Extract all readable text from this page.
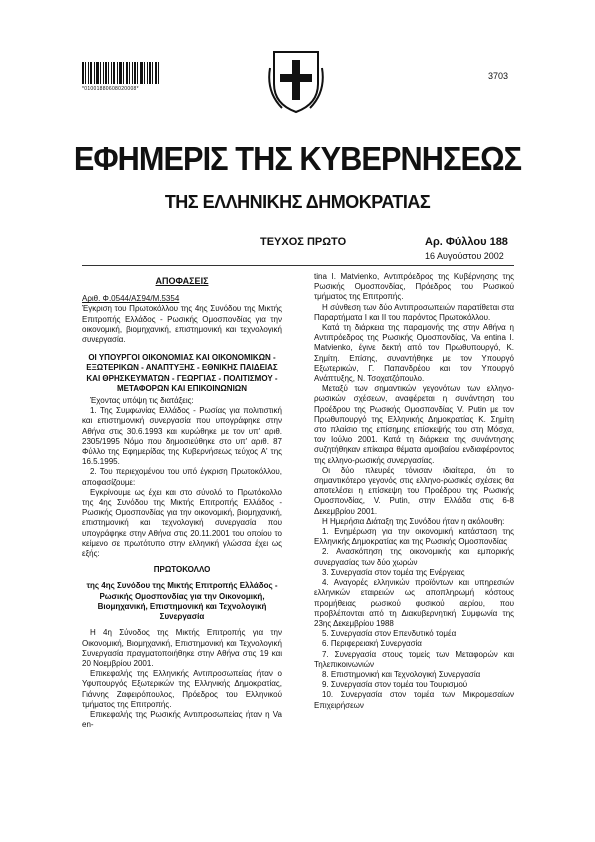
*01001880608020008*
3703
ΕΦΗΜΕΡΙΣ ΤΗΣ ΚΥΒΕΡΝΗΣΕΩΣ
ΤΗΣ ΕΛΛΗΝΙΚΗΣ ΔΗΜΟΚΡΑΤΙΑΣ
ΤΕΥΧΟΣ ΠΡΩΤΟ	Αρ. Φύλλου 188
16 Αυγούστου 2002
ΑΠΟΦΑΣΕΙΣ

Αριθ. Φ.0544/ΑΣ94/Μ.5354

Έγκριση του Πρωτοκόλλου της 4ης Συνόδου της Μικτής Επιτροπής Ελλάδος - Ρωσικής Ομοσπονδίας για την οικονομική, βιομηχανική, επιστημονική και τεχνολογική συνεργασία.

ΟΙ ΥΠΟΥΡΓΟΙ ΟΙΚΟΝΟΜΙΑΣ ΚΑΙ ΟΙΚΟΝΟΜΙΚΩΝ - ΕΞΩΤΕΡΙΚΩΝ - ΑΝΑΠΤΥΞΗΣ - ΕΘΝΙΚΗΣ ΠΑΙΔΕΙΑΣ ΚΑΙ ΘΡΗΣΚΕΥΜΑΤΩΝ - ΓΕΩΡΓΙΑΣ - ΠΟΛΙΤΙΣΜΟΥ - ΜΕΤΑΦΟΡΩΝ ΚΑΙ ΕΠΙΚΟΙΝΩΝΙΩΝ

Έχοντας υπόψη τις διατάξεις:

1. Της Συμφωνίας Ελλάδος - Ρωσίας για πολιτιστική και επιστημονική συνεργασία που υπογράφηκε στην Αθήνα στις 30.6.1993 και κυρώθηκε με τον υπ' αριθ. 2305/1995 Νόμο που δημοσιεύθηκε στο υπ' αριθ. 87 Φύλλο της Εφημερίδας της Κυβερνήσεως τεύχος Α' της 16.5.1995.

2. Του περιεχομένου του υπό έγκριση Πρωτοκόλλου, αποφασίζουμε:

Εγκρίνουμε ως έχει και στο σύνολό το Πρωτόκολλο της 4ης Συνόδου της Μικτής Επιτροπής Ελλάδος - Ρωσικής Ομοσπονδίας για την οικονομική, βιομηχανική, επιστημονική και τεχνολογική συνεργασία που υπογράφηκε στην Αθήνα στις 20.11.2001 του οποίου το κείμενο σε πρωτότυπο στην ελληνική γλώσσα έχει ως εξής:

ΠΡΩΤΟΚΟΛΛΟ

της 4ης Συνόδου της Μικτής Επιτροπής Ελλάδος - Ρωσικής Ομοσπονδίας για την Οικονομική, Βιομηχανική, Επιστημονική και Τεχνολογική Συνεργασία

Η 4η Σύνοδος της Μικτής Επιτροπής για την Οικονομική, Βιομηχανική, Επιστημονική και Τεχνολογική Συνεργασία πραγματοποιήθηκε στην Αθήνα στις 19 και 20 Νοεμβρίου 2001.

Επικεφαλής της Ελληνικής Αντιπροσωπείας ήταν ο Υφυπουργός Εξωτερικών της Ελληνικής Δημοκρατίας, Γιάννης Ζαφειρόπουλος, Πρόεδρος του Ελληνικού τμήματος της Επιτροπής.

Επικεφαλής της Ρωσικής Αντιπροσωπείας ήταν η Va en-

tina I. Matvienko, Αντιπρόεδρος της Κυβέρνησης της Ρωσικής Ομοσπονδίας, Πρόεδρος του Ρωσικού τμήματος της Επιτροπής.

Η σύνθεση των δύο Αντιπροσωπειών παρατίθεται στα Παραρτήματα I και II του παρόντος Πρωτοκόλλου.

Κατά τη διάρκεια της παραμονής της στην Αθήνα η Αντιπρόεδρος της Ρωσικής Ομοσπονδίας, Va entina I. Matvienko, έγινε δεκτή από τον Πρωθυπουργό, Κ. Σημίτη. Επίσης, συναντήθηκε με τον Υπουργό Εξωτερικών, Γ. Παπανδρέου και τον Υπουργό Ανάπτυξης, Ν. Τσοχατζόπουλο.

Μεταξύ των σημαντικών γεγονότων των ελληνο-ρωσικών σχέσεων, αναφέρεται η συνάντηση του Προέδρου της Ρωσικής Ομοσπονδίας V. Putin με τον Πρωθυπουργό της Ελληνικής Δημοκρατίας Κ. Σημίτη στο πλαίσιο της επίσημης επίσκεψής του στη Μόσχα, τον Ιούλιο 2001. Κατά τη διάρκεια της συνάντησης συζητήθηκαν επίκαιρα θέματα αμοιβαίου ενδιαφέροντος της ελληνο-ρωσικής συνεργασίας.

Οι δύο πλευρές τόνισαν ιδιαίτερα, ότι το σημαντικότερο γεγονός στις ελληνο-ρωσικές σχέσεις θα αποτελέσει η επίσκεψη του Προέδρου της Ρωσικής Ομοσπονδίας, V. Putin, στην Ελλάδα στις 6-8 Δεκεμβρίου 2001.

Η Ημερήσια Διάταξη της Συνόδου ήταν η ακόλουθη:

1. Ενημέρωση για την οικονομική κατάσταση της Ελληνικής Δημοκρατίας και της Ρωσικής Ομοσπονδίας

2. Ανασκόπηση της οικονομικής και εμπορικής συνεργασίας των δύο χωρών

3. Συνεργασία στον τομέα της Ενέργειας

4. Αναγορές ελληνικών προϊόντων και υπηρεσιών ελληνικών εταιρειών ως αποπληρωμή κόστους προμήθειας ρωσικού φυσικού αερίου, που προβλέπονται από τη Διακυβερνητική Συμφωνία της 23ης Δεκεμβρίου 1988

5. Συνεργασία στον Επενδυτικό τομέα

6. Περιφερειακή Συνεργασία

7. Συνεργασία στους τομείς των Μεταφορών και Τηλεπικοινωνιών

8. Επιστημονική και Τεχνολογική Συνεργασία

9. Συνεργασία στον τομέα του Τουρισμού

10. Συνεργασία στον τομέα των Μικρομεσαίων Επιχειρήσεων
